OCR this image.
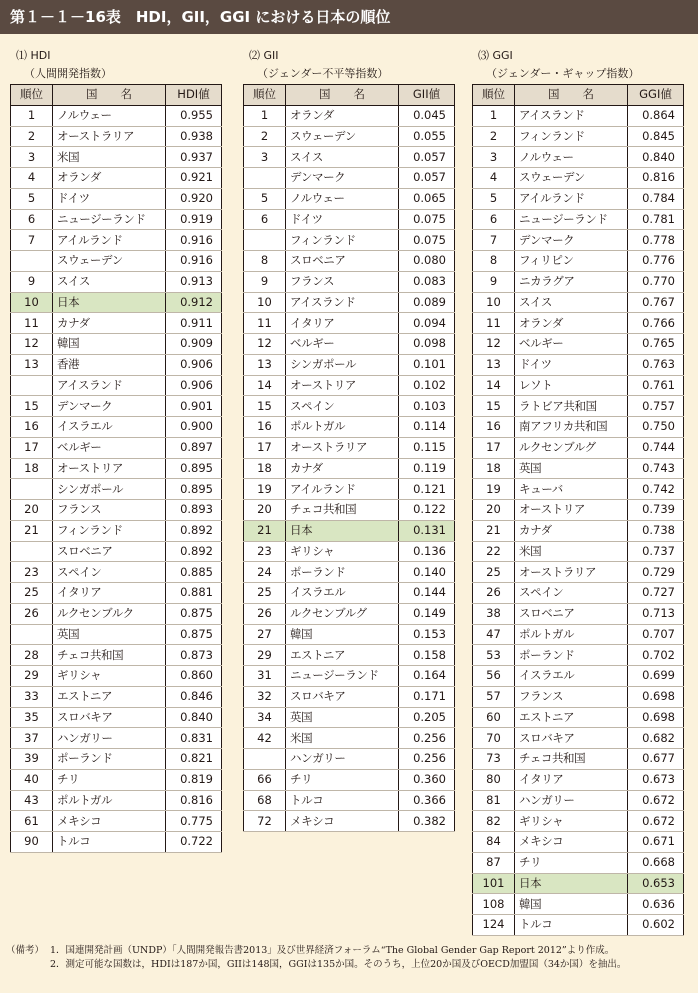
第１－１－16表　HDI，GII，GGI における日本の順位
⑴ HDI
（人間開発指数）
順位	国　　名	HDI値
1	ノルウェー	0.955
2	オーストラリア	0.938
3	米国	0.937
4	オランダ	0.921
5	ドイツ	0.920
6	ニュージーランド	0.919
7	アイルランド	0.916
	スウェーデン	0.916
9	スイス	0.913
10	日本	0.912
11	カナダ	0.911
12	韓国	0.909
13	香港	0.906
	アイスランド	0.906
15	デンマーク	0.901
16	イスラエル	0.900
17	ベルギー	0.897
18	オーストリア	0.895
	シンガポール	0.895
20	フランス	0.893
21	フィンランド	0.892
	スロベニア	0.892
23	スペイン	0.885
25	イタリア	0.881
26	ルクセンブルク	0.875
	英国	0.875
28	チェコ共和国	0.873
29	ギリシャ	0.860
33	エストニア	0.846
35	スロバキア	0.840
37	ハンガリー	0.831
39	ポーランド	0.821
40	チリ	0.819
43	ポルトガル	0.816
61	メキシコ	0.775
90	トルコ	0.722
⑵ GII
（ジェンダー不平等指数）
順位	国　　名	GII値
1	オランダ	0.045
2	スウェーデン	0.055
3	スイス	0.057
	デンマーク	0.057
5	ノルウェー	0.065
6	ドイツ	0.075
	フィンランド	0.075
8	スロベニア	0.080
9	フランス	0.083
10	アイスランド	0.089
11	イタリア	0.094
12	ベルギー	0.098
13	シンガポール	0.101
14	オーストリア	0.102
15	スペイン	0.103
16	ポルトガル	0.114
17	オーストラリア	0.115
18	カナダ	0.119
19	アイルランド	0.121
20	チェコ共和国	0.122
21	日本	0.131
23	ギリシャ	0.136
24	ポーランド	0.140
25	イスラエル	0.144
26	ルクセンブルグ	0.149
27	韓国	0.153
29	エストニア	0.158
31	ニュージーランド	0.164
32	スロバキア	0.171
34	英国	0.205
42	米国	0.256
	ハンガリー	0.256
66	チリ	0.360
68	トルコ	0.366
72	メキシコ	0.382
⑶ GGI
（ジェンダー・ギャップ指数）
順位	国　　名	GGI値
1	アイスランド	0.864
2	フィンランド	0.845
3	ノルウェー	0.840
4	スウェーデン	0.816
5	アイルランド	0.784
6	ニュージーランド	0.781
7	デンマーク	0.778
8	フィリピン	0.776
9	ニカラグア	0.770
10	スイス	0.767
11	オランダ	0.766
12	ベルギー	0.765
13	ドイツ	0.763
14	レソト	0.761
15	ラトビア共和国	0.757
16	南アフリカ共和国	0.750
17	ルクセンブルグ	0.744
18	英国	0.743
19	キューバ	0.742
20	オーストリア	0.739
21	カナダ	0.738
22	米国	0.737
25	オーストラリア	0.729
26	スペイン	0.727
38	スロベニア	0.713
47	ポルトガル	0.707
53	ポーランド	0.702
56	イスラエル	0.699
57	フランス	0.698
60	エストニア	0.698
70	スロバキア	0.682
73	チェコ共和国	0.677
80	イタリア	0.673
81	ハンガリー	0.672
82	ギリシャ	0.672
84	メキシコ	0.671
87	チリ	0.668
101	日本	0.653
108	韓国	0.636
124	トルコ	0.602
（備考） 1．国連開発計画（UNDP）「人間開発報告書2013」及び世界経済フォーラム“The Global Gender Gap Report 2012”より作成。
2．測定可能な国数は，HDIは187か国，GIIは148国，GGIは135か国。そのうち，上位20か国及びOECD加盟国（34か国）を抽出。
